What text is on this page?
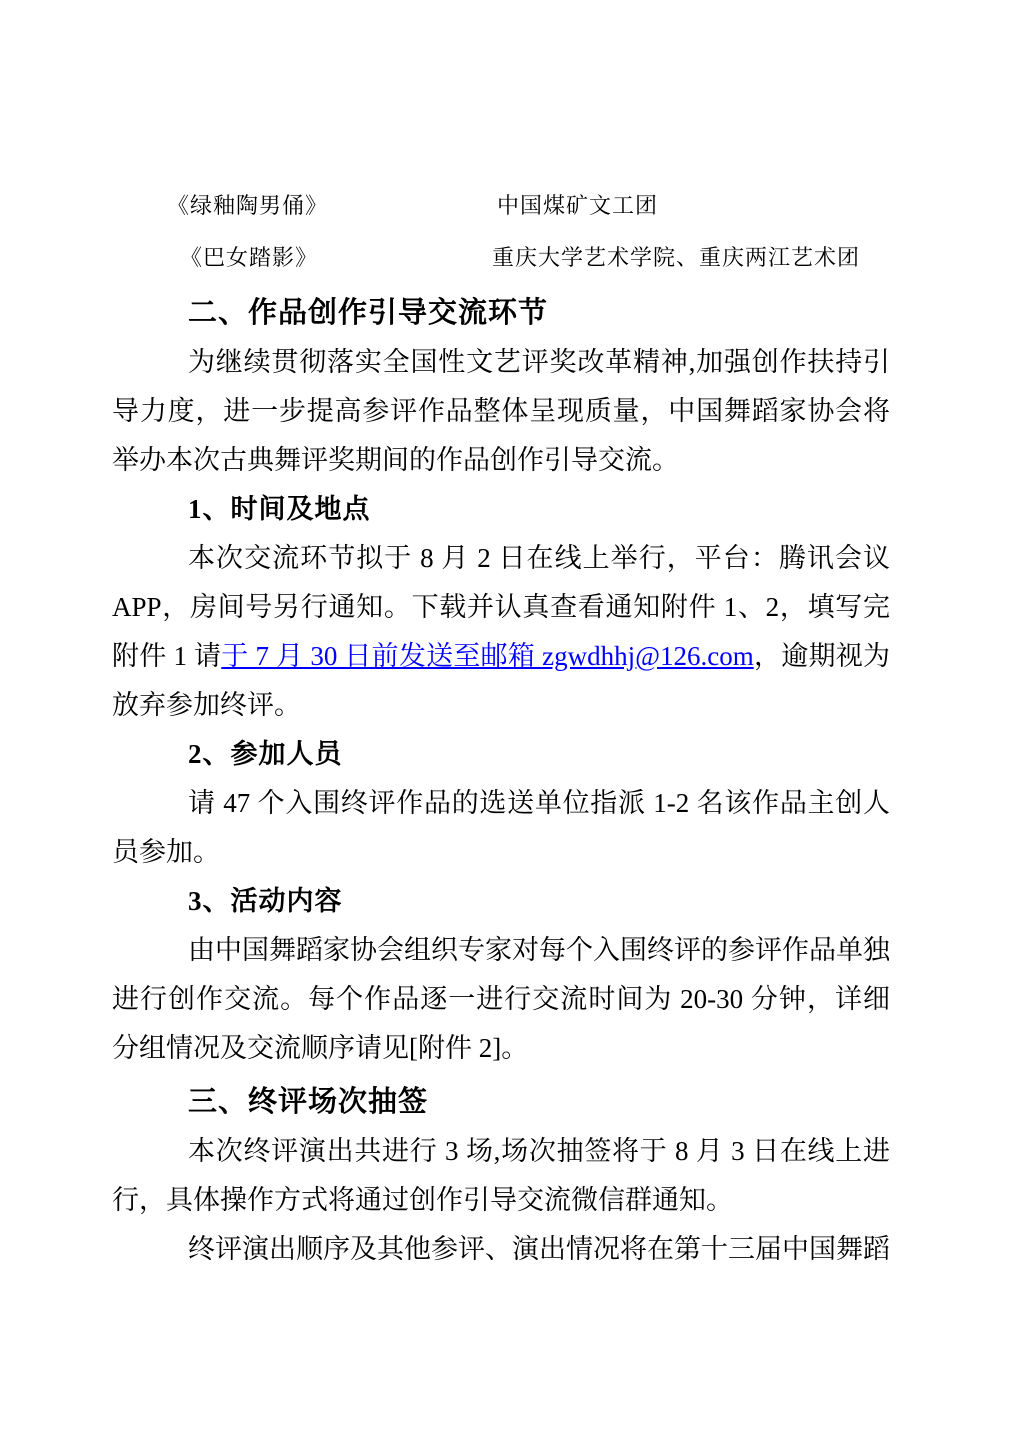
《绿釉陶男俑》	中国煤矿文工团
《巴女踏影》	重庆大学艺术学院、重庆两江艺术团
二、作品创作引导交流环节

为继续贯彻落实全国性文艺评奖改革精神,加强创作扶持引导力度，进一步提高参评作品整体呈现质量，中国舞蹈家协会将举办本次古典舞评奖期间的作品创作引导交流。

1、时间及地点

本次交流环节拟于 8 月 2 日在线上举行，平台：腾讯会议 APP，房间号另行通知。下载并认真查看通知附件 1、2，填写完附件 1 请于 7 月 30 日前发送至邮箱 zgwdhhj@126.com，逾期视为放弃参加终评。

2、参加人员

请 47 个入围终评作品的选送单位指派 1-2 名该作品主创人员参加。

3、活动内容

由中国舞蹈家协会组织专家对每个入围终评的参评作品单独进行创作交流。每个作品逐一进行交流时间为 20-30 分钟，详细分组情况及交流顺序请见[附件 2]。

三、终评场次抽签

本次终评演出共进行 3 场,场次抽签将于 8 月 3 日在线上进行，具体操作方式将通过创作引导交流微信群通知。

终评演出顺序及其他参评、演出情况将在第十三届中国舞蹈
